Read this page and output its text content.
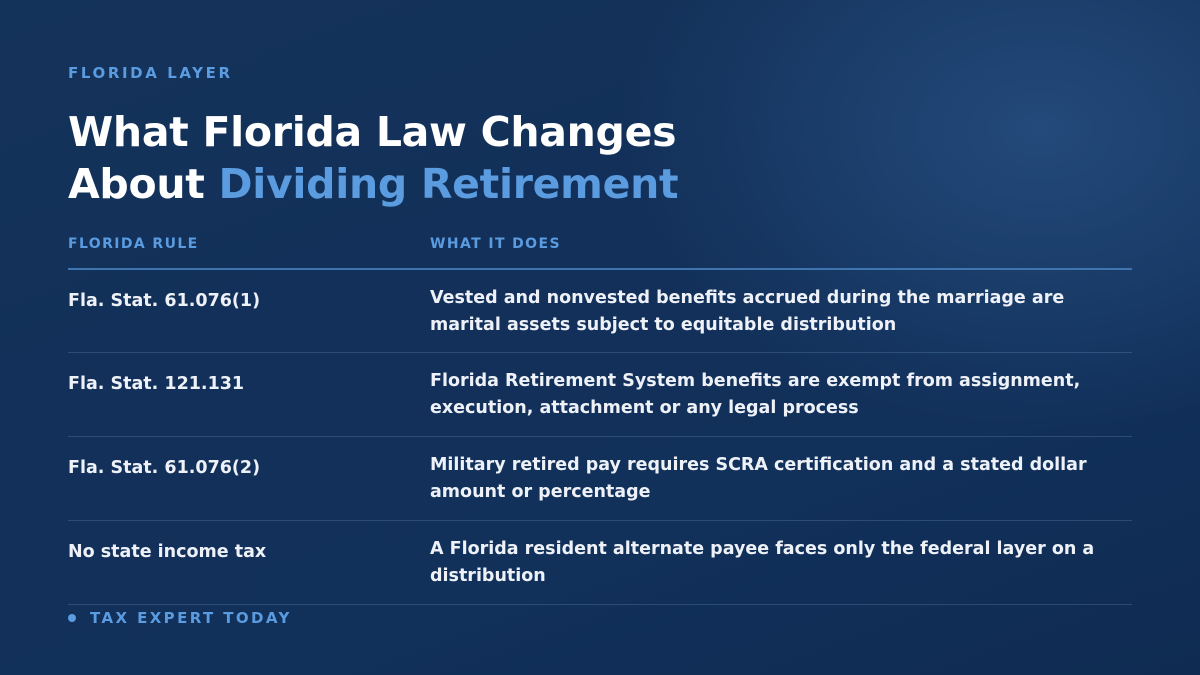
FLORIDA LAYER
What Florida Law Changes
About Dividing Retirement
FLORIDA RULE	WHAT IT DOES
Fla. Stat. 61.076(1)	Vested and nonvested benefits accrued during the marriage are marital assets subject to equitable distribution
Fla. Stat. 121.131	Florida Retirement System benefits are exempt from assignment, execution, attachment or any legal process
Fla. Stat. 61.076(2)	Military retired pay requires SCRA certification and a stated dollar amount or percentage
No state income tax	A Florida resident alternate payee faces only the federal layer on a distribution
TAX EXPERT TODAY
